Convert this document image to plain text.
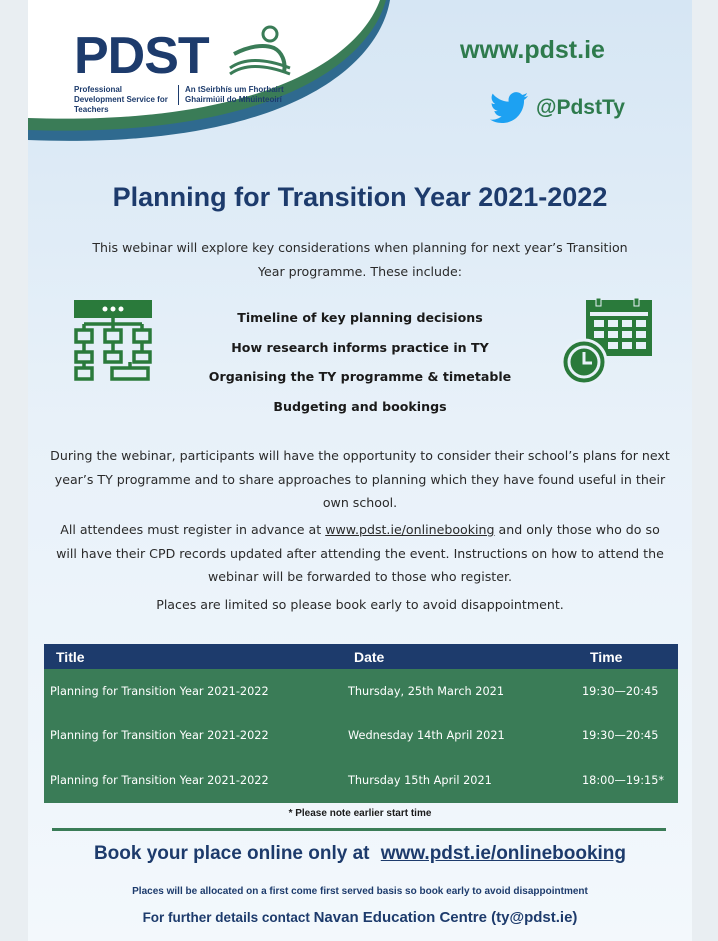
PDST
Professional Development Service for Teachers
An tSeirbhís um Fhorbairt Ghairmiúil do Mhúinteoirí
www.pdst.ie
@PdstTy
Planning for Transition Year 2021-2022
This webinar will explore key considerations when planning for next year’s Transition Year programme. These include:
Timeline of key planning decisions
How research informs practice in TY
Organising the TY programme & timetable
Budgeting and bookings
During the webinar, participants will have the opportunity to consider their school’s plans for next year’s TY programme and to share approaches to planning which they have found useful in their own school.
All attendees must register in advance at www.pdst.ie/onlinebooking and only those who do so will have their CPD records updated after attending the event. Instructions on how to attend the webinar will be forwarded to those who register.
Places are limited so please book early to avoid disappointment.
Title	Date	Time
Planning for Transition Year 2021-2022	Thursday, 25th March 2021	19:30—20:45
Planning for Transition Year 2021-2022	Wednesday 14th April 2021	19:30—20:45
Planning for Transition Year 2021-2022	Thursday 15th April 2021	18:00—19:15*
* Please note earlier start time
Book your place online only at www.pdst.ie/onlinebooking
Places will be allocated on a first come first served basis so book early to avoid disappointment
For further details contact Navan Education Centre (ty@pdst.ie)
